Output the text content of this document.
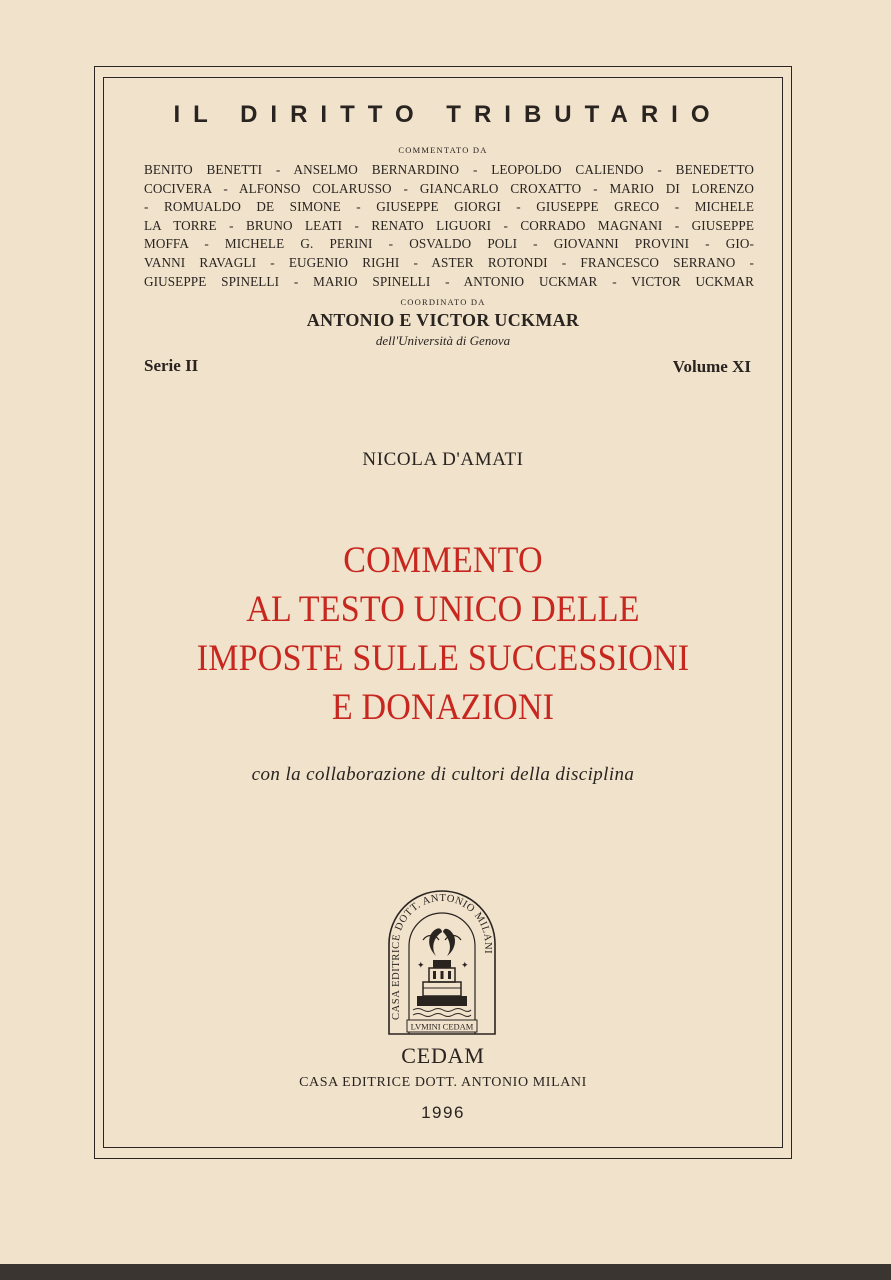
IL DIRITTO TRIBUTARIO
COMMENTATO DA
BENITO BENETTI - ANSELMO BERNARDINO - LEOPOLDO CALIENDO - BENEDETTO
COCIVERA - ALFONSO COLARUSSO - GIANCARLO CROXATTO - MARIO DI LORENZO
- ROMUALDO DE SIMONE - GIUSEPPE GIORGI - GIUSEPPE GRECO - MICHELE
LA TORRE - BRUNO LEATI - RENATO LIGUORI - CORRADO MAGNANI - GIUSEPPE
MOFFA - MICHELE G. PERINI - OSVALDO POLI - GIOVANNI PROVINI - GIO-
VANNI RAVAGLI - EUGENIO RIGHI - ASTER ROTONDI - FRANCESCO SERRANO -
GIUSEPPE SPINELLI - MARIO SPINELLI - ANTONIO UCKMAR - VICTOR UCKMAR
COORDINATO DA
ANTONIO E VICTOR UCKMAR
dell'Università di Genova
Serie II	Volume XI
NICOLA D'AMATI
COMMENTO
AL TESTO UNICO DELLE
IMPOSTE SULLE SUCCESSIONI
E DONAZIONI
con la collaborazione di cultori della disciplina
CASA EDITRICE DOTT. ANTONIO MILANI
✦	✦
LVMINI CEDAM
CEDAM
CASA EDITRICE DOTT. ANTONIO MILANI
1996
